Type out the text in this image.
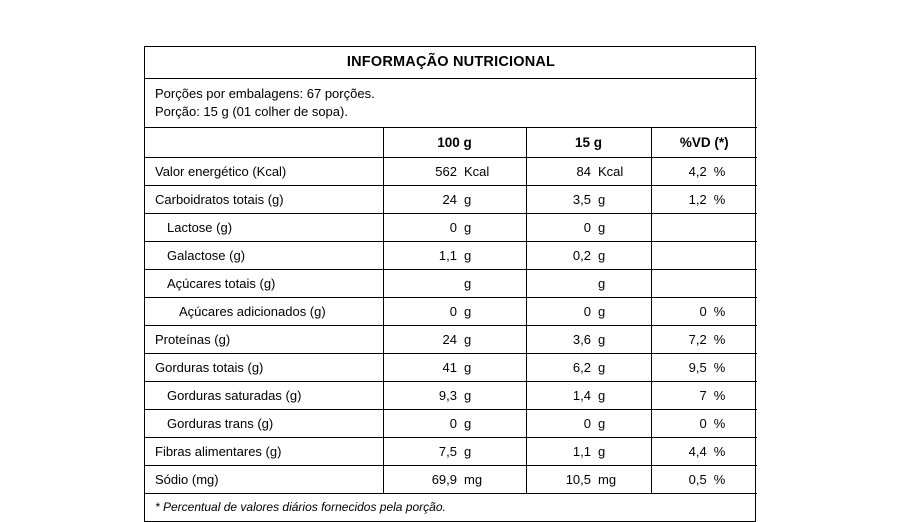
INFORMAÇÃO NUTRICIONAL			

Porções por embalagens: 67 porções.
Porção: 15 g (01 colher de sopa).			

	100 g	15 g	%VD (*)
Valor energético (Kcal)	562 Kcal	84 Kcal	4,2 %

Carboidratos totais (g)	24 g	3,5 g	1,2 %

Lactose (g)	0 g	0 g	

Galactose (g)	1,1 g	0,2 g	

Açúcares totais (g)	g	g	

Açúcares adicionados (g)	0 g	0 g	0 %

Proteínas (g)	24 g	3,6 g	7,2 %

Gorduras totais (g)	41 g	6,2 g	9,5 %

Gorduras saturadas (g)	9,3 g	1,4 g	7 %

Gorduras trans (g)	0 g	0 g	0 %

Fibras alimentares (g)	7,5 g	1,1 g	4,4 %

Sódio (mg)	69,9 mg	10,5 mg	0,5 %

* Percentual de valores diários fornecidos pela porção.			
